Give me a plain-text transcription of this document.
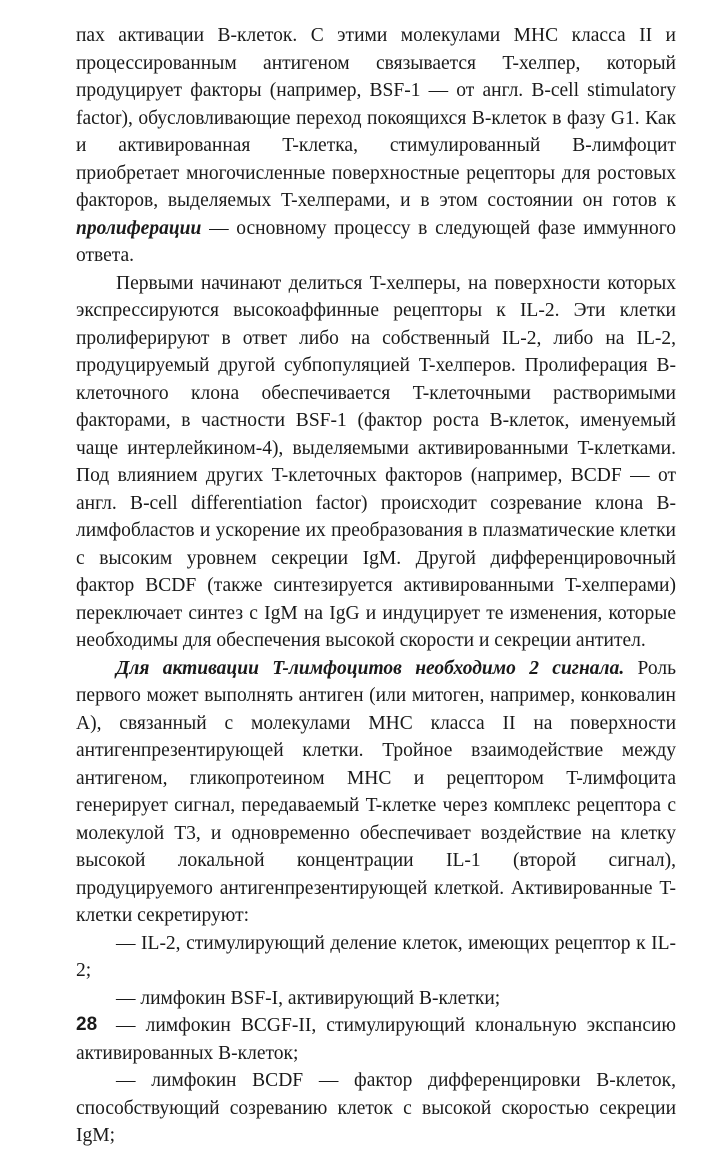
пах активации B-клеток. С этими молекулами MHC класса II и процессированным антигеном связывается T-хелпер, который продуцирует факторы (например, BSF-1 — от англ. B-cell stimulatory factor), обусловливающие переход покоящихся B-клеток в фазу G1. Как и активированная T-клетка, стимулированный B-лимфоцит приобретает многочисленные поверхностные рецепторы для ростовых факторов, выделяемых T-хелперами, и в этом состоянии он готов к пролиферации — основному процессу в следующей фазе иммунного ответа.

Первыми начинают делиться T-хелперы, на поверхности которых экспрессируются высокоаффинные рецепторы к IL-2. Эти клетки пролиферируют в ответ либо на собственный IL-2, либо на IL-2, продуцируемый другой субпопуляцией T-хелперов. Пролиферация B-клеточного клона обеспечивается T-клеточными растворимыми факторами, в частности BSF-1 (фактор роста B-клеток, именуемый чаще интерлейкином-4), выделяемыми активированными T-клетками. Под влиянием других T-клеточных факторов (например, BCDF — от англ. B-cell differentiation factor) происходит созревание клона B-лимфобластов и ускорение их преобразования в плазматические клетки с высоким уровнем секреции IgM. Другой дифференцировочный фактор BCDF (также синтезируется активированными T-хелперами) переключает синтез с IgM на IgG и индуцирует те изменения, которые необходимы для обеспечения высокой скорости и секреции антител.

Для активации T-лимфоцитов необходимо 2 сигнала. Роль первого может выполнять антиген (или митоген, например, конковалин A), связанный с молекулами MHC класса II на поверхности антигенпрезентирующей клетки. Тройное взаимодействие между антигеном, гликопротеином MHC и рецептором T-лимфоцита генерирует сигнал, передаваемый T-клетке через комплекс рецептора с молекулой T3, и одновременно обеспечивает воздействие на клетку высокой локальной концентрации IL-1 (второй сигнал), продуцируемого антигенпрезентирующей клеткой. Активированные T-клетки секретируют:

— IL-2, стимулирующий деление клеток, имеющих рецептор к IL-2;

— лимфокин BSF-I, активирующий B-клетки;

— лимфокин BCGF-II, стимулирующий клональную экспансию активированных B-клеток;

— лимфокин BCDF — фактор дифференцировки B-клеток, способствующий созреванию клеток с высокой скоростью секреции IgM;

28
